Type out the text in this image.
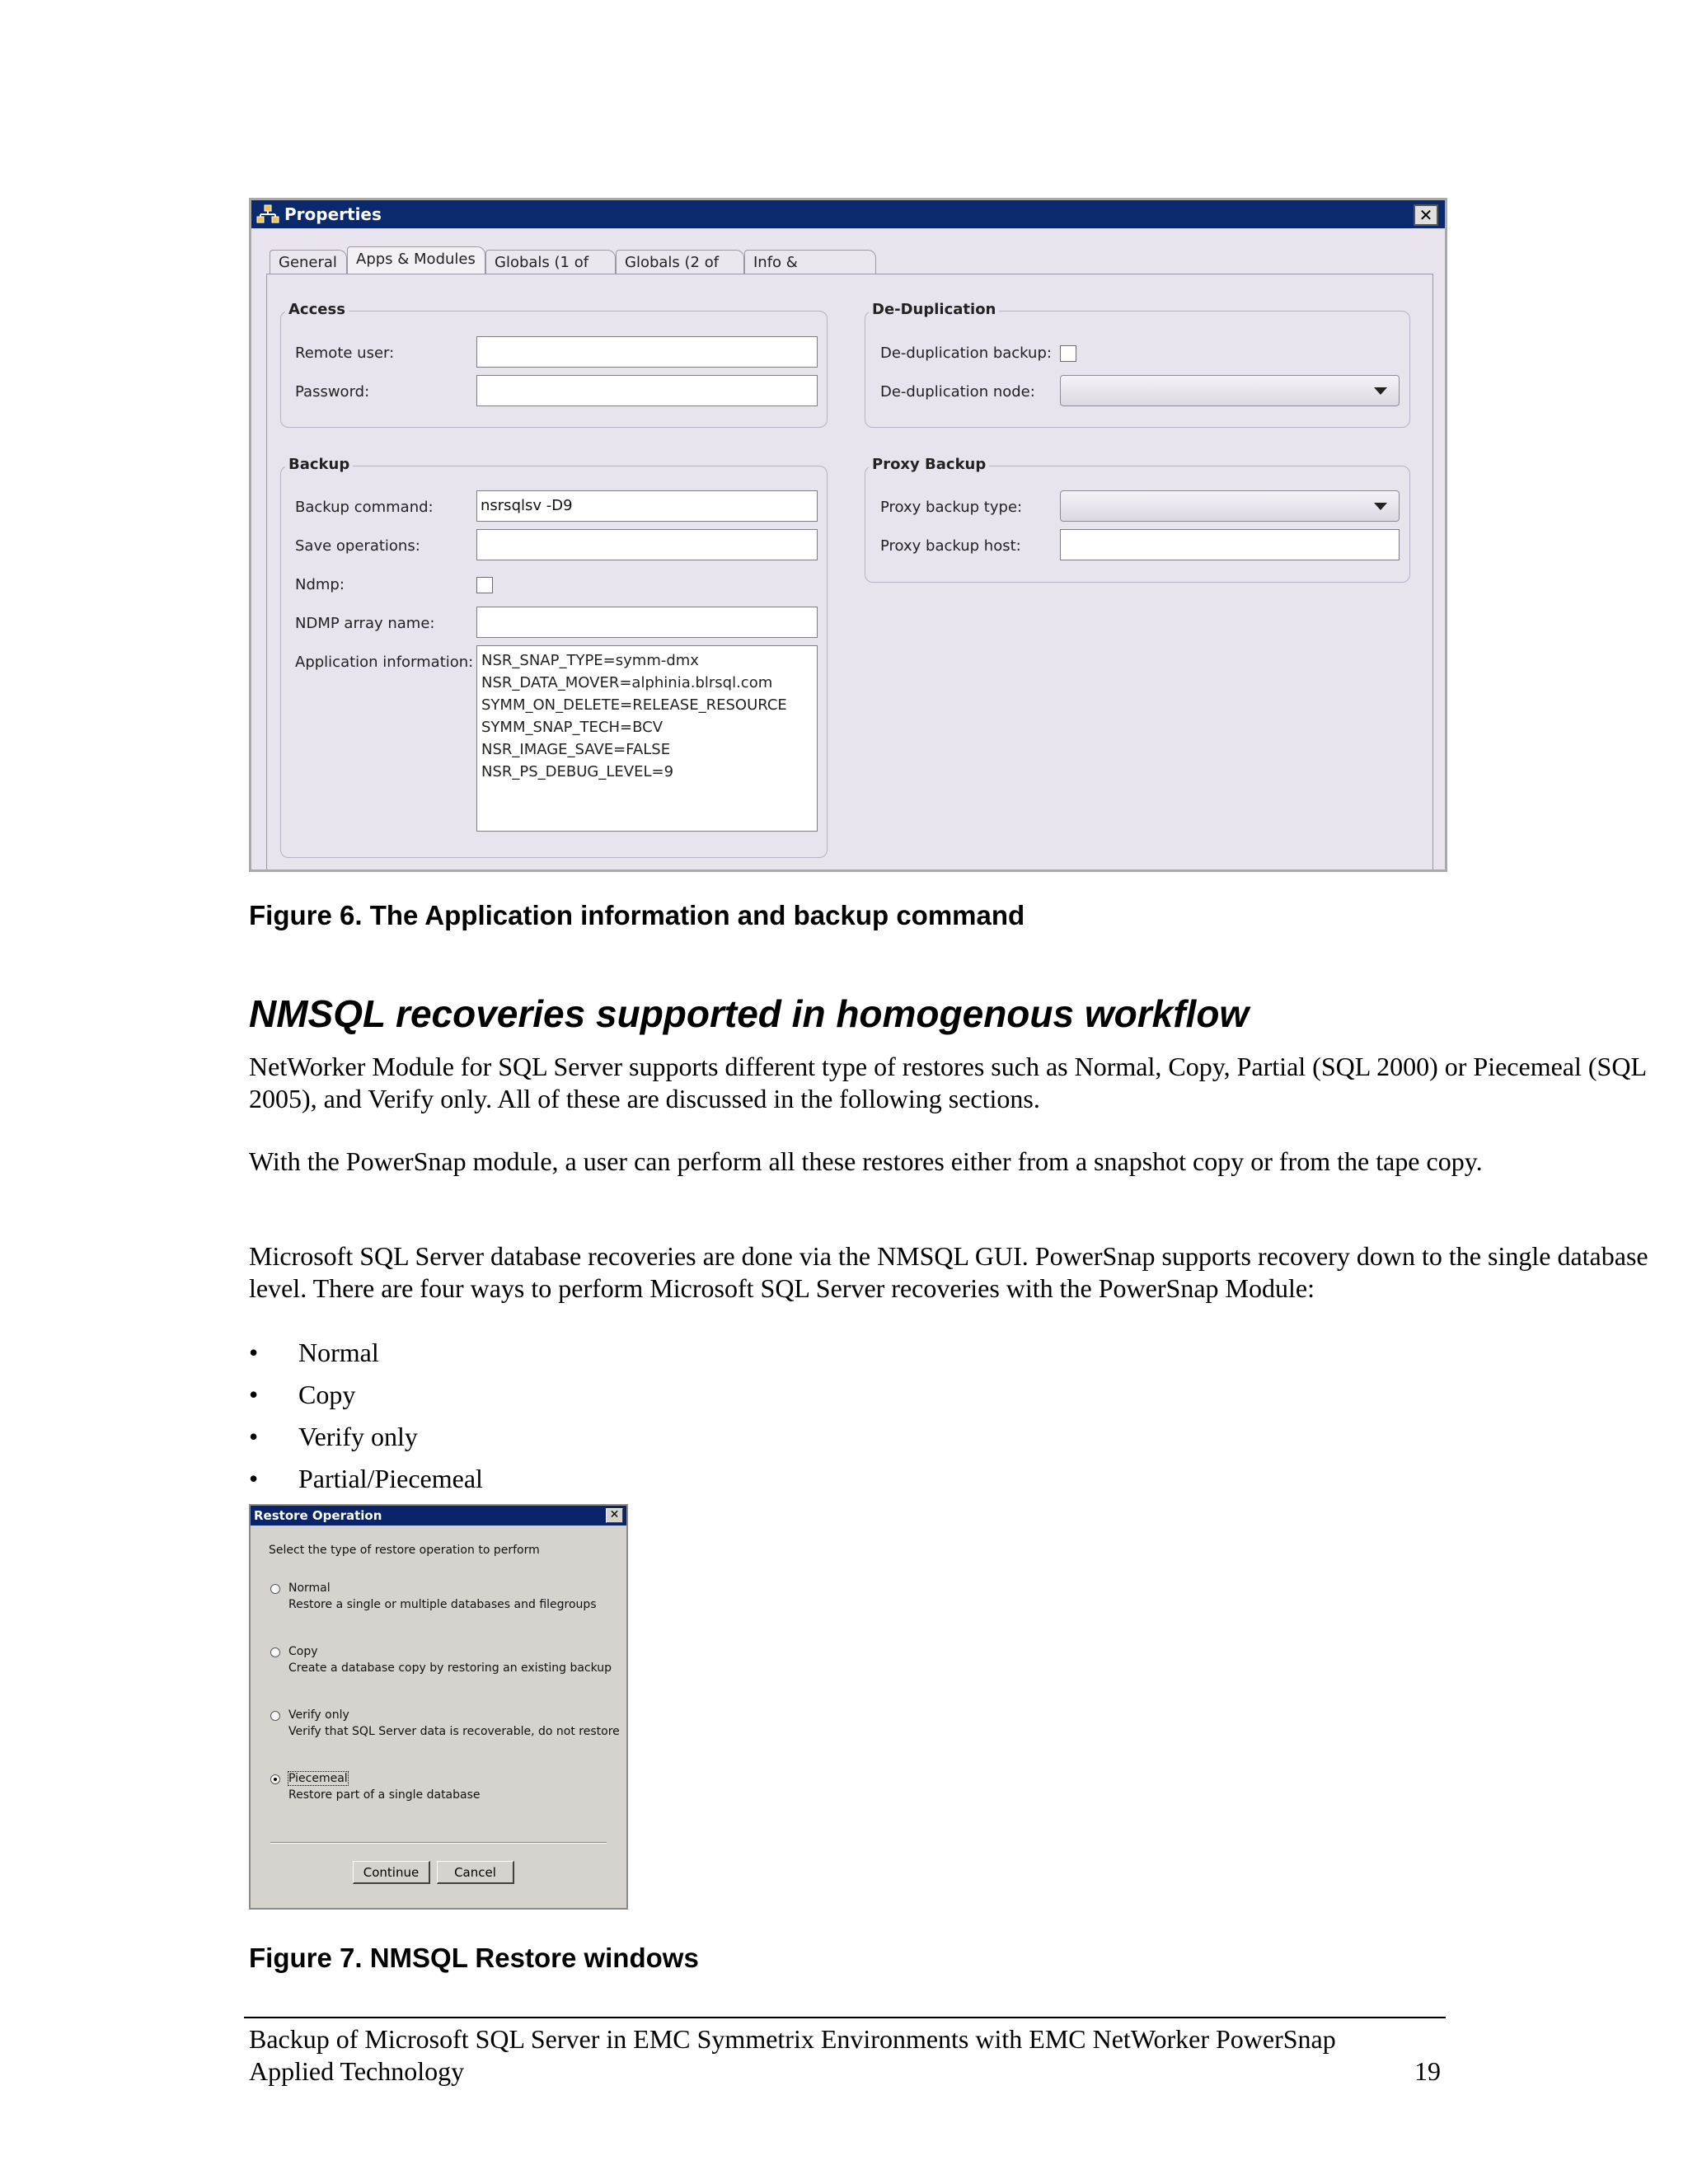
Properties	✕
General	Apps & Modules	Globals (1 of	Globals (2 of	Info &
Access
Remote user:
Password:
De-Duplication
De-duplication backup:
De-duplication node:
Backup
Backup command:	nsrsqlsv -D9
Save operations:
Ndmp:
NDMP array name:
Application information: NSR_SNAP_TYPE=symm-dmx
NSR_DATA_MOVER=alphinia.blrsql.com
SYMM_ON_DELETE=RELEASE_RESOURCE
SYMM_SNAP_TECH=BCV
NSR_IMAGE_SAVE=FALSE
NSR_PS_DEBUG_LEVEL=9
Proxy Backup
Proxy backup type:
Proxy backup host:
Figure 6. The Application information and backup command
NMSQL recoveries supported in homogenous workflow
NetWorker Module for SQL Server supports different type of restores such as Normal, Copy, Partial (SQL 2000) or Piecemeal (SQL 2005), and Verify only. All of these are discussed in the following sections.
With the PowerSnap module, a user can perform all these restores either from a snapshot copy or from the tape copy.
Microsoft SQL Server database recoveries are done via the NMSQL GUI. PowerSnap supports recovery down to the single database level. There are four ways to perform Microsoft SQL Server recoveries with the PowerSnap Module:
• Normal
• Copy
• Verify only
• Partial/Piecemeal
Restore Operation	✕
Select the type of restore operation to perform
Normal
Restore a single or multiple databases and filegroups
Copy
Create a database copy by restoring an existing backup
Verify only
Verify that SQL Server data is recoverable, do not restore
Piecemeal
Restore part of a single database
Continue	Cancel
Figure 7. NMSQL Restore windows
Backup of Microsoft SQL Server in EMC Symmetrix Environments with EMC NetWorker PowerSnap
Applied Technology	19
